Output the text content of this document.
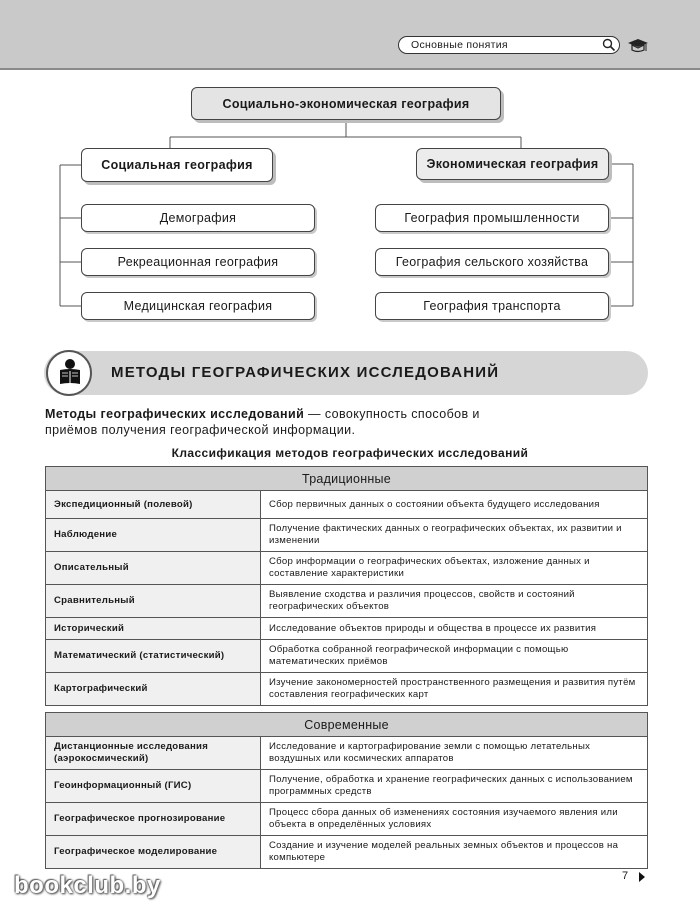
Основные понятия
Социально-экономическая география
Социальная география	Экономическая география
Демография
Рекреационная география
Медицинская география
География промышленности
География сельского хозяйства
География транспорта
МЕТОДЫ ГЕОГРАФИЧЕСКИХ ИССЛЕДОВАНИЙ
Методы географических исследований — совокупность способов и приёмов получения географической информации.
Классификация методов географических исследований
Традиционные	
Экспедиционный (полевой)	Сбор первичных данных о состоянии объекта будущего исследования
Наблюдение	Получение фактических данных о географических объектах, их развитии и изменении
Описательный	Сбор информации о географических объектах, изложение данных и составление характеристики
Сравнительный	Выявление сходства и различия процессов, свойств и состояний географических объектов
Исторический	Исследование объектов природы и общества в процессе их развития
Математический (статистический)	Обработка собранной географической информации с помощью математических приёмов
Картографический	Изучение закономерностей пространственного размещения и развития путём составления географических карт
Современные	
Дистанционные исследования (аэрокосмический)	Исследование и картографирование земли с помощью летательных воздушных или космических аппаратов
Геоинформационный (ГИС)	Получение, обработка и хранение географических данных с использованием программных средств
Географическое прогнозирование	Процесс сбора данных об изменениях состояния изучаемого явления или объекта в определённых условиях
Географическое моделирование	Создание и изучение моделей реальных земных объектов и процессов на компьютере
bookclub.by	7
